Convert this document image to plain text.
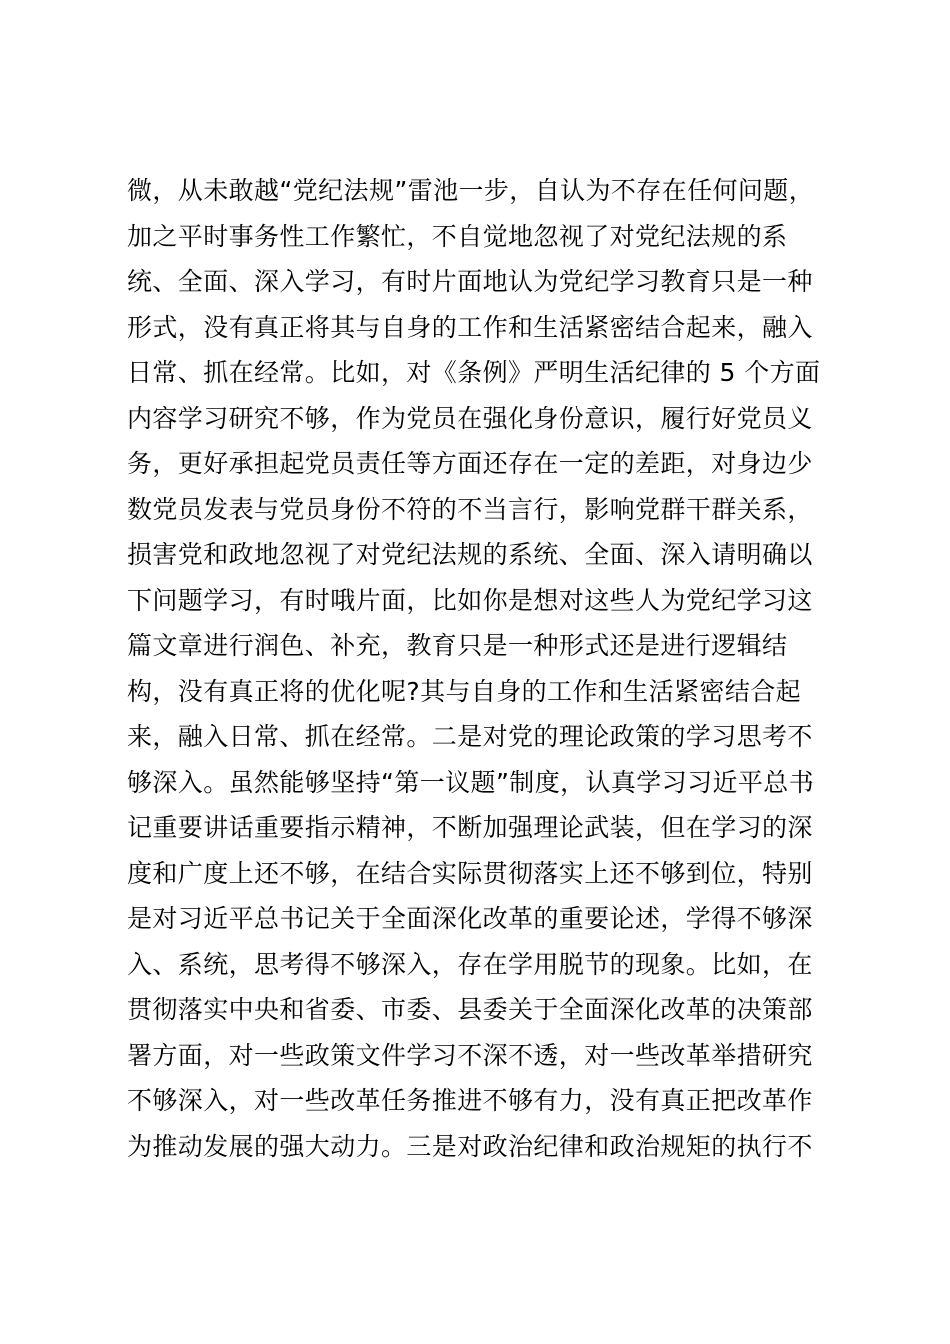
微，从未敢越“党纪法规”雷池一步，自认为不存在任何问题，
加之平时事务性工作繁忙，不自觉地忽视了对党纪法规的系
统、全面、深入学习，有时片面地认为党纪学习教育只是一种
形式，没有真正将其与自身的工作和生活紧密结合起来，融入
日常、抓在经常。比如，对《条例》严明生活纪律的 5 个方面
内容学习研究不够，作为党员在强化身份意识，履行好党员义
务，更好承担起党员责任等方面还存在一定的差距，对身边少
数党员发表与党员身份不符的不当言行，影响党群干群关系，
损害党和政地忽视了对党纪法规的系统、全面、深入请明确以
下问题学习，有时哦片面，比如你是想对这些人为党纪学习这
篇文章进行润色、补充，教育只是一种形式还是进行逻辑结
构，没有真正将的优化呢?其与自身的工作和生活紧密结合起
来，融入日常、抓在经常。二是对党的理论政策的学习思考不
够深入。虽然能够坚持“第一议题”制度，认真学习习近平总书
记重要讲话重要指示精神，不断加强理论武装，但在学习的深
度和广度上还不够，在结合实际贯彻落实上还不够到位，特别
是对习近平总书记关于全面深化改革的重要论述，学得不够深
入、系统，思考得不够深入，存在学用脱节的现象。比如，在
贯彻落实中央和省委、市委、县委关于全面深化改革的决策部
署方面，对一些政策文件学习不深不透，对一些改革举措研究
不够深入，对一些改革任务推进不够有力，没有真正把改革作
为推动发展的强大动力。三是对政治纪律和政治规矩的执行不
